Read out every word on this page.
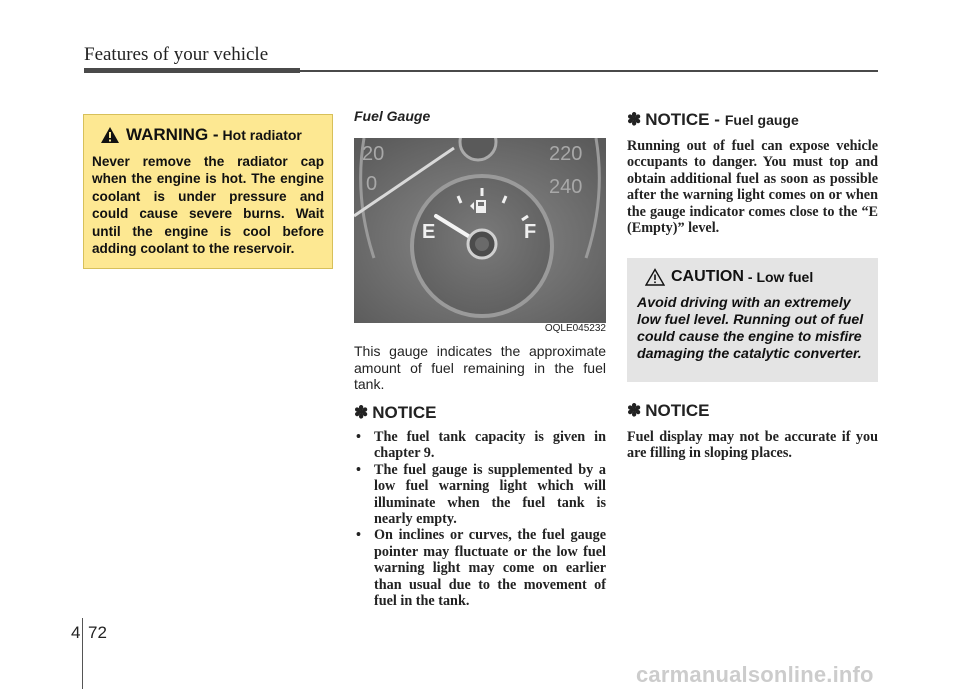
Features of your vehicle
WARNING - Hot radiator
Never remove the radiator cap when the engine is hot. The engine coolant is under pressure and could cause severe burns. Wait until the engine is cool before adding coolant to the reservoir.
Fuel Gauge
20
0
220
240
E	F
OQLE045232
This gauge indicates the approximate amount of fuel remaining in the fuel tank.
✽ NOTICE
• The fuel tank capacity is given in chapter 9.
• The fuel gauge is supplemented by a low fuel warning light which will illuminate when the fuel tank is nearly empty.
• On inclines or curves, the fuel gauge pointer may fluctuate or the low fuel warning light may come on earlier than usual due to the movement of fuel in the tank.
✽ NOTICE - Fuel gauge
Running out of fuel can expose vehicle occupants to danger. You must top and obtain additional fuel as soon as possible after the warning light comes on or when the gauge indicator comes close to the “E (Empty)” level.
CAUTION - Low fuel
Avoid driving with an extremely low fuel level. Running out of fuel could cause the engine to misfire damaging the catalytic converter.
✽ NOTICE
Fuel display may not be accurate if you are filling in sloping places.
4 72
carmanualsonline.info
